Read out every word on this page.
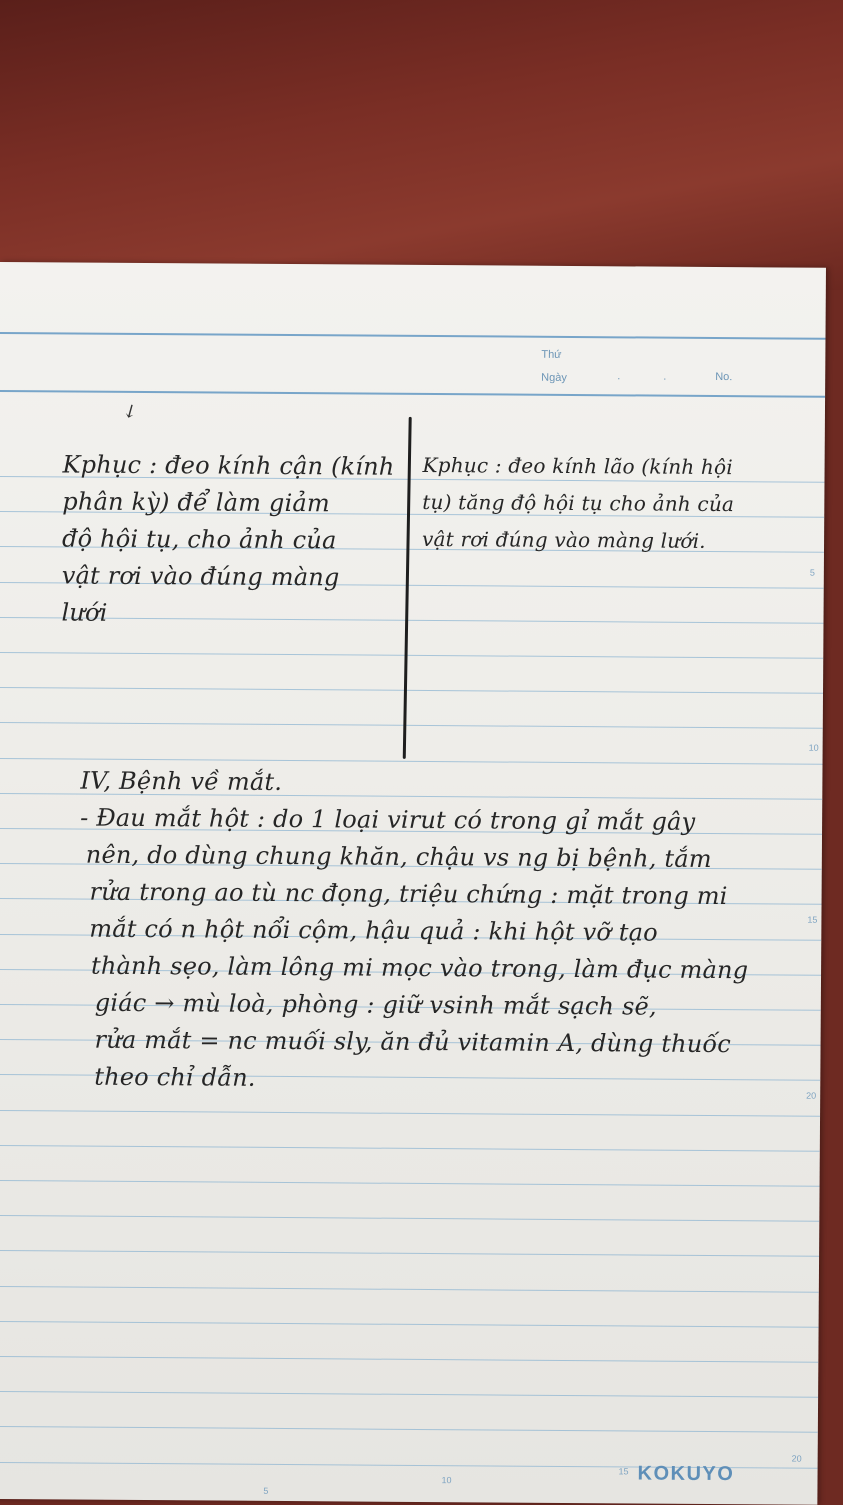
Thứ
Ngày	.	.	No.
5
10
15
20
5
10
15
20
↙
Kphục : đeo kính cận (kính
phân kỳ) để làm giảm
độ hội tụ, cho ảnh của
vật rơi vào đúng màng
lưới
Kphục : đeo kính lão (kính hội
tụ) tăng độ hội tụ cho ảnh của
vật rơi đúng vào màng lưới.
IV, Bệnh về mắt.
- Đau mắt hột : do 1 loại virut có trong gỉ mắt gây
nên, do dùng chung khăn, chậu vs ng bị bệnh, tắm
rửa trong ao tù nc đọng, triệu chứng : mặt trong mi
mắt có n hột nổi cộm, hậu quả : khi hột vỡ tạo
thành sẹo, làm lông mi mọc vào trong, làm đục màng
giác → mù loà, phòng : giữ vsinh mắt sạch sẽ,
rửa mắt = nc muối sly, ăn đủ vitamin A, dùng thuốc
theo chỉ dẫn.
KOKUYO
